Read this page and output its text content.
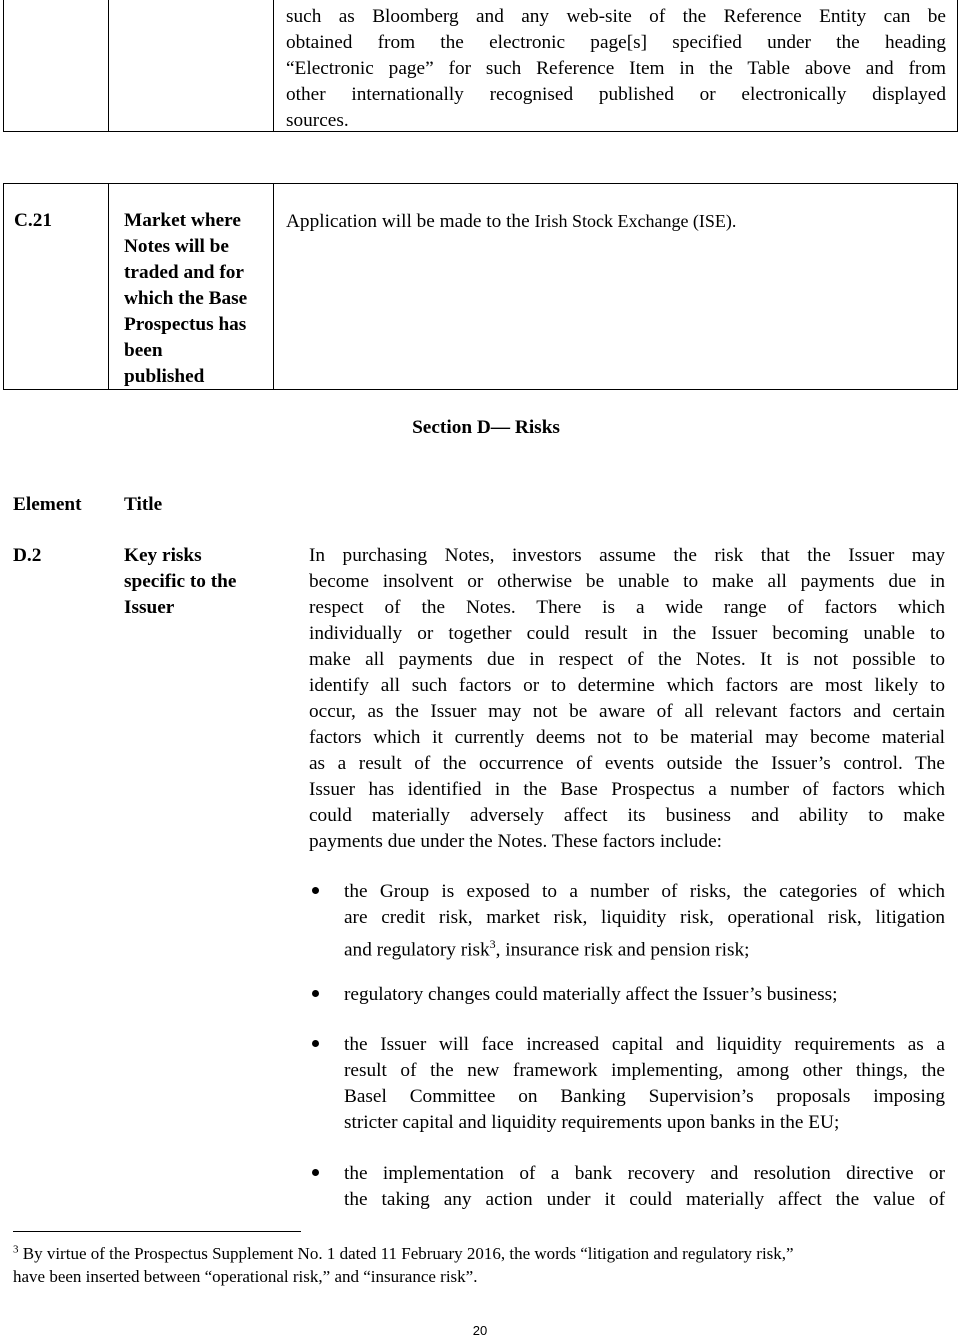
such as Bloomberg and any web-site of the Reference Entity can be
obtained from the electronic page[s] specified under the heading
“Electronic page” for such Reference Item in the Table above and from
other internationally recognised published or electronically displayed
sources.
C.21	Market where
Notes will be
traded and for
which the Base
Prospectus has
been
published
Application will be made to the Irish Stock Exchange (ISE).
Section D— Risks
Element Title
D.2	Key risks
specific to the
Issuer
In purchasing Notes, investors assume the risk that the Issuer may
become insolvent or otherwise be unable to make all payments due in
respect of the Notes. There is a wide range of factors which
individually or together could result in the Issuer becoming unable to
make all payments due in respect of the Notes. It is not possible to
identify all such factors or to determine which factors are most likely to
occur, as the Issuer may not be aware of all relevant factors and certain
factors which it currently deems not to be material may become material
as a result of the occurrence of events outside the Issuer’s control. The
Issuer has identified in the Base Prospectus a number of factors which
could materially adversely affect its business and ability to make
payments due under the Notes. These factors include:
the Group is exposed to a number of risks, the categories of which
are credit risk, market risk, liquidity risk, operational risk, litigation
and regulatory risk$^3$, insurance risk and pension risk;
regulatory changes could materially affect the Issuer’s business;
the Issuer will face increased capital and liquidity requirements as a
result of the new framework implementing, among other things, the
Basel Committee on Banking Supervision’s proposals imposing
stricter capital and liquidity requirements upon banks in the EU;
the implementation of a bank recovery and resolution directive or
the taking any action under it could materially affect the value of
$^3$ By virtue of the Prospectus Supplement No. 1 dated 11 February 2016, the words “litigation and regulatory risk,”
have been inserted between “operational risk,” and “insurance risk”.
20
